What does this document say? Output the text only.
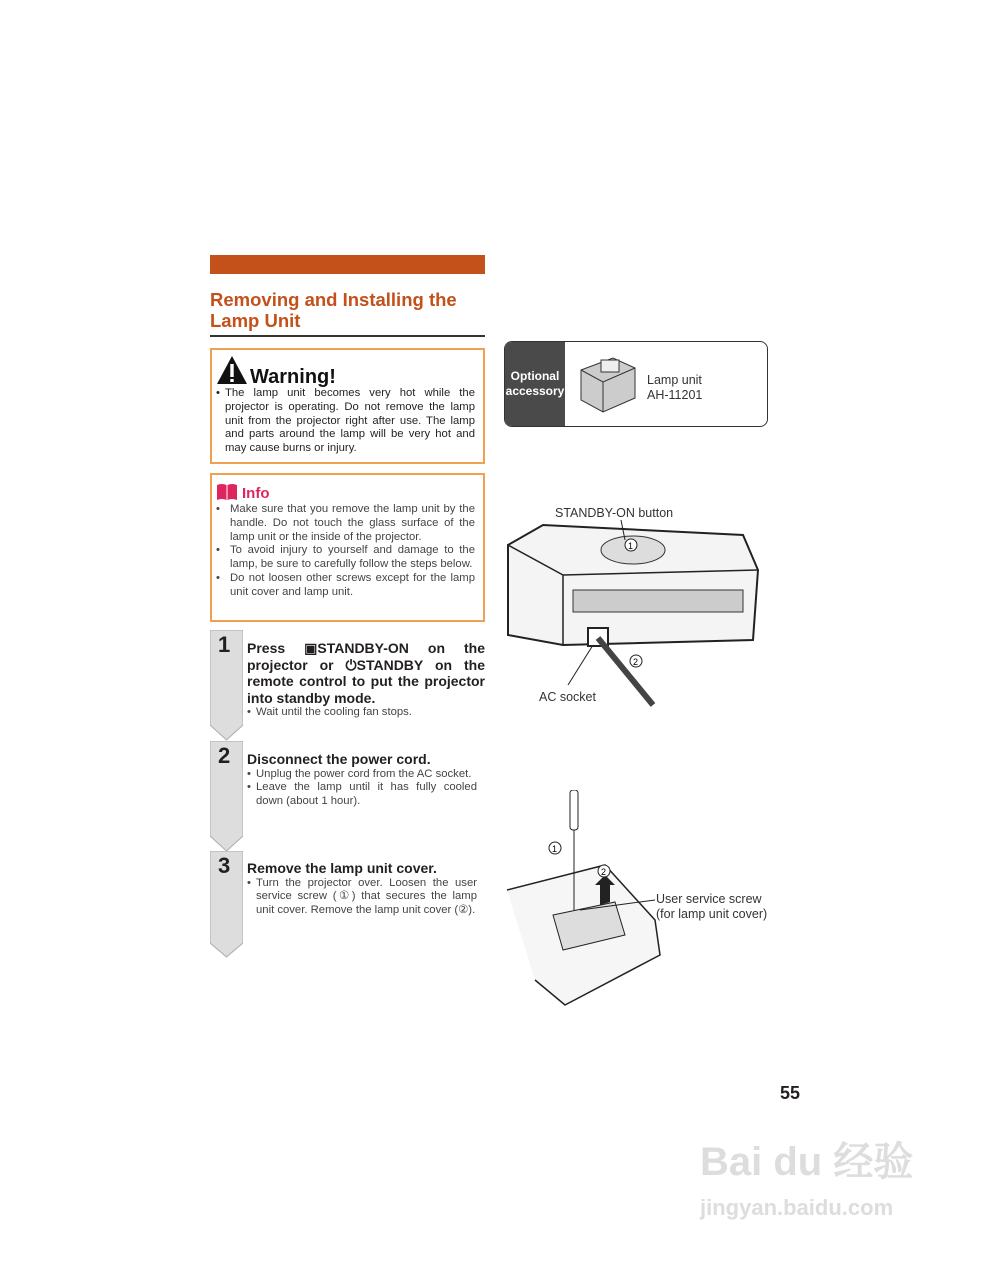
Removing and Installing the Lamp Unit
Warning!
• The lamp unit becomes very hot while the projector is operating. Do not remove the lamp unit from the projector right after use. The lamp and parts around the lamp will be very hot and may cause burns or injury.
Info
• Make sure that you remove the lamp unit by the handle. Do not touch the glass surface of the lamp unit or the inside of the projector.
• To avoid injury to yourself and damage to the lamp, be sure to carefully follow the steps below.
• Do not loosen other screws except for the lamp unit cover and lamp unit.
1 Press ▣STANDBY-ON on the projector or ⏻STANDBY on the remote control to put the projector into standby mode.
• Wait until the cooling fan stops.
2 Disconnect the power cord.
• Unplug the power cord from the AC socket.
• Leave the lamp until it has fully cooled down (about 1 hour).
3 Remove the lamp unit cover.
• Turn the projector over. Loosen the user service screw (①) that secures the lamp unit cover. Remove the lamp unit cover (②).
Optional
accessory
Lamp unit
AH-11201
STANDBY-ON button
1
2
AC socket
1
2
User service screw
(for lamp unit cover)
55
Bai du 经验
jingyan.baidu.com
